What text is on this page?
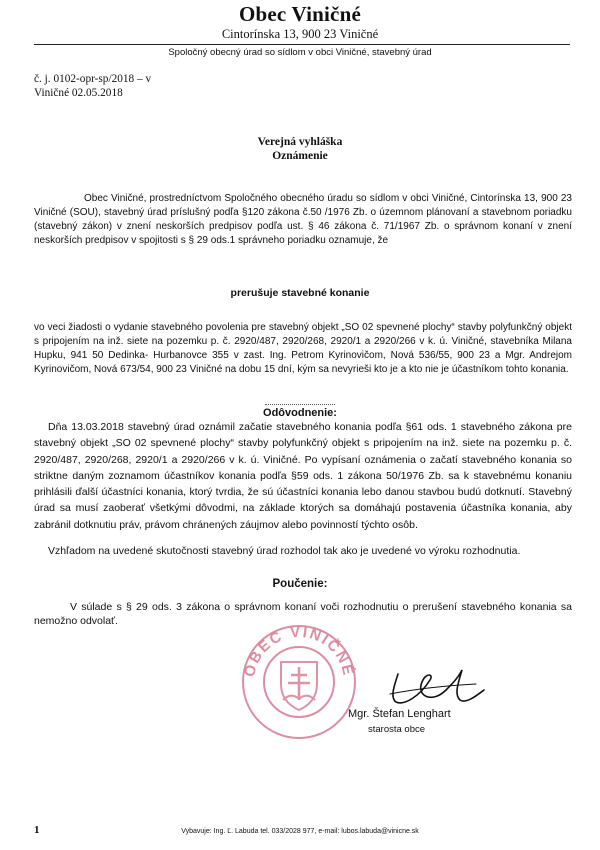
Obec Viničné
Cintorínska 13, 900 23 Viničné
Spoločný obecný úrad so sídlom v obci Viničné, stavebný úrad
č. j. 0102-opr-sp/2018 – v
Viničné 02.05.2018
Verejná vyhláška
Oznámenie
Obec Viničné, prostredníctvom Spoločného obecného úradu so sídlom v obci Viničné, Cintorínska 13, 900 23 Viničné (SOU), stavebný úrad príslušný podľa §120 zákona č.50 /1976 Zb. o územnom plánovaní a stavebnom poriadku (stavebný zákon) v znení neskorších predpisov podľa ust. § 46 zákona č. 71/1967 Zb. o správnom konaní v znení neskorších predpisov v spojitosti s § 29 ods.1 správneho poriadku oznamuje, že
prerušuje stavebné konanie
vo veci žiadosti o vydanie stavebného povolenia pre stavebný objekt „SO 02 spevnené plochy“ stavby polyfunkčný objekt s pripojením na inž. siete na pozemku p. č. 2920/487, 2920/268, 2920/1 a 2920/266 v k. ú. Viničné, stavebníka Milana Hupku, 941 50 Dedinka- Hurbanovce 355 v zast. Ing. Petrom Kyrinovičom, Nová 536/55, 900 23 a Mgr. Andrejom Kyrinovičom, Nová 673/54, 900 23 Viničné na dobu 15 dní, kým sa nevyrieši kto je a kto nie je účastníkom tohto konania.
Odôvodnenie:
Dňa 13.03.2018 stavebný úrad oznámil začatie stavebného konania podľa §61 ods. 1 stavebného zákona pre stavebný objekt „SO 02 spevnené plochy“ stavby polyfunkčný objekt s pripojením na inž. siete na pozemku p. č. 2920/487, 2920/268, 2920/1 a 2920/266 v k. ú. Viničné. Po vypísaní oznámenia o začatí stavebného konania so striktne daným zoznamom účastníkov konania podľa §59 ods. 1 zákona 50/1976 Zb. sa k stavebnému konaniu prihlásili ďalší účastníci konania, ktorý tvrdia, že sú účastníci konania lebo danou stavbou budú dotknutí. Stavebný úrad sa musí zaoberať všetkými dôvodmi, na základe ktorých sa domáhajú postavenia účastníka konania, aby zabránil dotknutiu práv, právom chránených záujmov alebo povinností týchto osôb.
Vzhľadom na uvedené skutočnosti stavebný úrad rozhodol tak ako je uvedené vo výroku rozhodnutia.
Poučenie:
V súlade s § 29 ods. 3 zákona o správnom konaní voči rozhodnutiu o prerušení stavebného konania sa nemožno odvolať.
OBEC VINIČNÉ
Mgr. Štefan Lenghart
starosta obce
1	Vybavuje: Ing. Ľ. Labuda tel. 033/2028 977, e-mail: lubos.labuda@vinicne.sk
